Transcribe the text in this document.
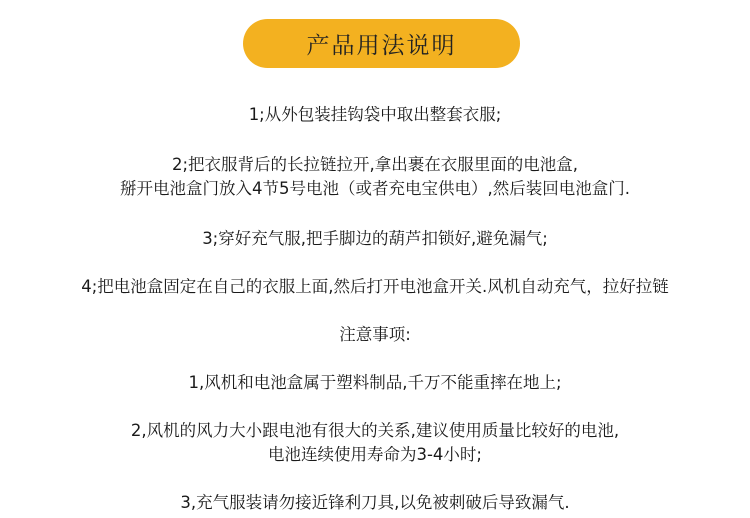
产品用法说明
1;从外包装挂钩袋中取出整套衣服;
2;把衣服背后的长拉链拉开,拿出裹在衣服里面的电池盒,
掰开电池盒门放入4节5号电池（或者充电宝供电）,然后装回电池盒门.
3;穿好充气服,把手脚边的葫芦扣锁好,避免漏气;
4;把电池盒固定在自己的衣服上面,然后打开电池盒开关.风机自动充气，拉好拉链
注意事项:
1,风机和电池盒属于塑料制品,千万不能重摔在地上;
2,风机的风力大小跟电池有很大的关系,建议使用质量比较好的电池,
电池连续使用寿命为3-4小时;
3,充气服装请勿接近锋利刀具,以免被刺破后导致漏气.
